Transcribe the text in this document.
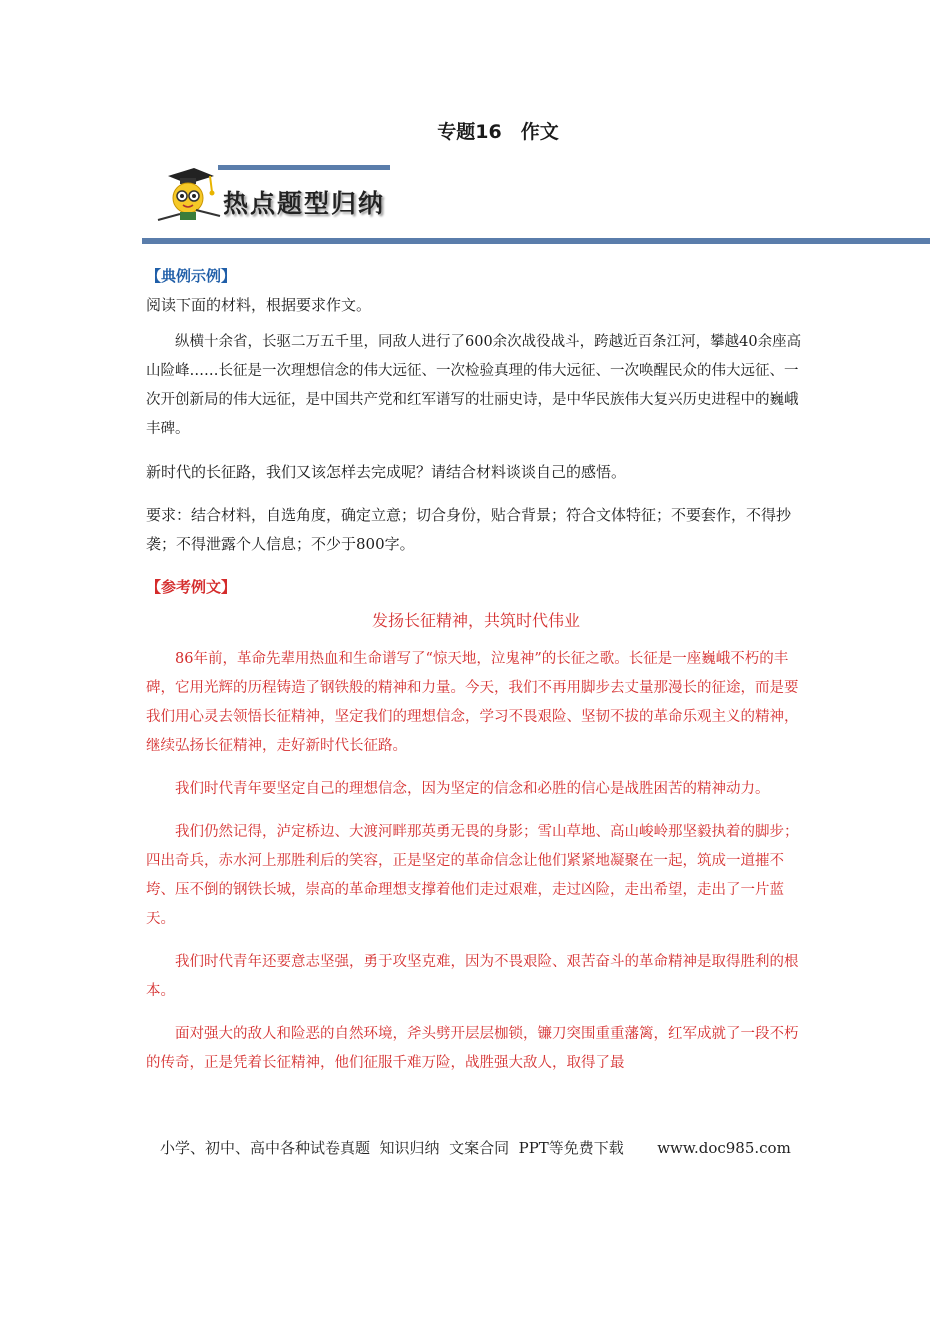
专题16　作文
热点题型归纳

【典例示例】

阅读下面的材料，根据要求作文。

纵横十余省，长驱二万五千里，同敌人进行了600余次战役战斗，跨越近百条江河，攀越40余座高山险峰……长征是一次理想信念的伟大远征、一次检验真理的伟大远征、一次唤醒民众的伟大远征、一次开创新局的伟大远征，是中国共产党和红军谱写的壮丽史诗，是中华民族伟大复兴历史进程中的巍峨丰碑。

新时代的长征路，我们又该怎样去完成呢？请结合材料谈谈自己的感悟。

要求：结合材料，自选角度，确定立意；切合身份，贴合背景；符合文体特征；不要套作，不得抄袭；不得泄露个人信息；不少于800字。

【参考例文】

发扬长征精神，共筑时代伟业

86年前，革命先辈用热血和生命谱写了“惊天地，泣鬼神”的长征之歌。长征是一座巍峨不朽的丰碑，它用光辉的历程铸造了钢铁般的精神和力量。今天，我们不再用脚步去丈量那漫长的征途，而是要我们用心灵去领悟长征精神，坚定我们的理想信念，学习不畏艰险、坚韧不拔的革命乐观主义的精神，继续弘扬长征精神，走好新时代长征路。

我们时代青年要坚定自己的理想信念，因为坚定的信念和必胜的信心是战胜困苦的精神动力。

我们仍然记得，泸定桥边、大渡河畔那英勇无畏的身影；雪山草地、高山峻岭那坚毅执着的脚步；四出奇兵，赤水河上那胜利后的笑容，正是坚定的革命信念让他们紧紧地凝聚在一起，筑成一道摧不垮、压不倒的钢铁长城，崇高的革命理想支撑着他们走过艰难，走过凶险，走出希望，走出了一片蓝天。

我们时代青年还要意志坚强，勇于攻坚克难，因为不畏艰险、艰苦奋斗的革命精神是取得胜利的根本。

面对强大的敌人和险恶的自然环境，斧头劈开层层枷锁，镰刀突围重重藩篱，红军成就了一段不朽的传奇，正是凭着长征精神，他们征服千难万险，战胜强大敌人，取得了最

小学、初中、高中各种试卷真题  知识归纳  文案合同  PPT等免费下载 www.doc985.com
